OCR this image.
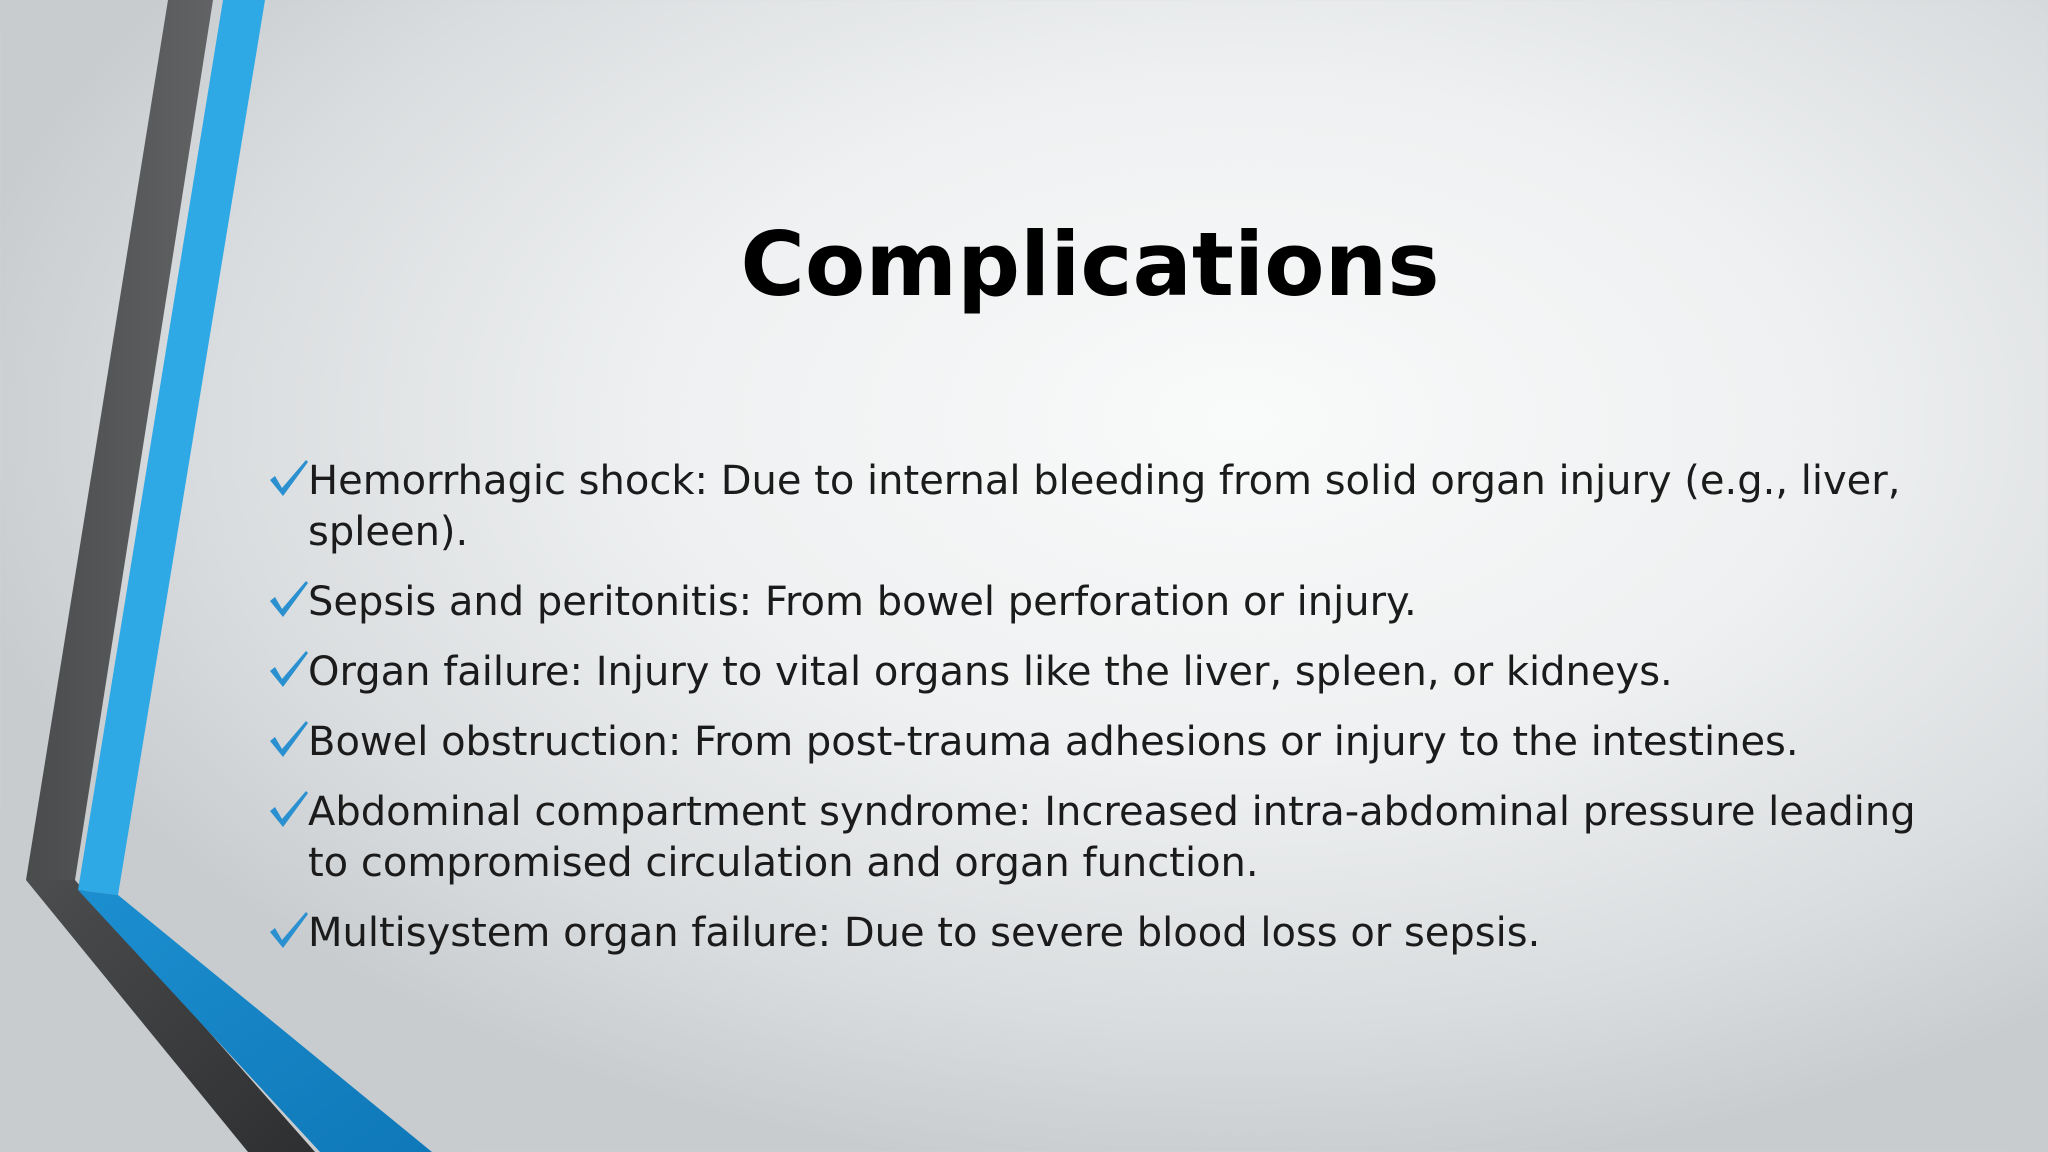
Complications
Hemorrhagic shock: Due to internal bleeding from solid organ injury (e.g., liver, spleen).
Sepsis and peritonitis: From bowel perforation or injury.
Organ failure: Injury to vital organs like the liver, spleen, or kidneys.
Bowel obstruction: From post-trauma adhesions or injury to the intestines.
Abdominal compartment syndrome: Increased intra-abdominal pressure leading to compromised circulation and organ function.
Multisystem organ failure: Due to severe blood loss or sepsis.
